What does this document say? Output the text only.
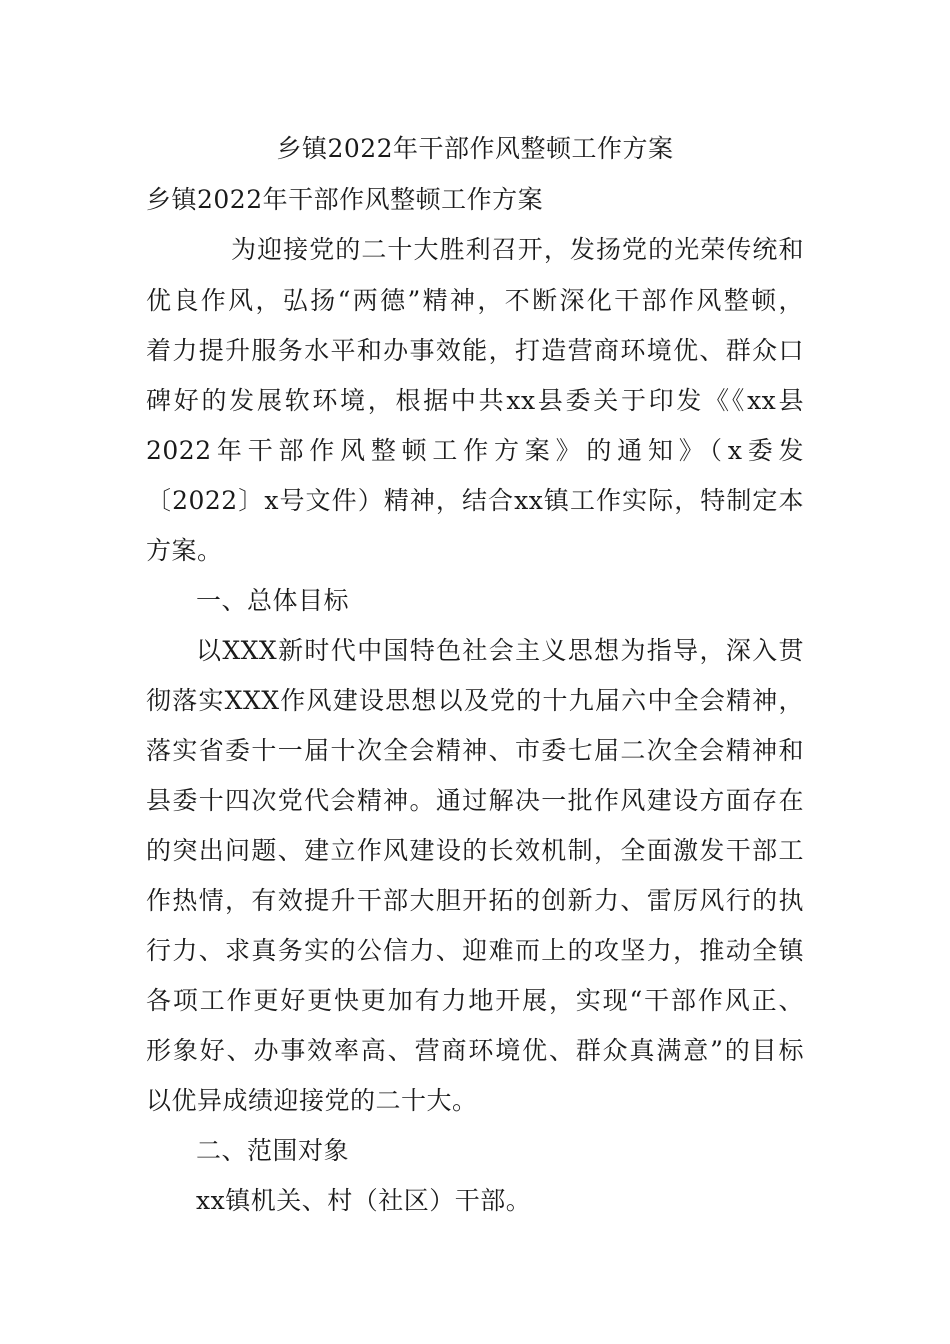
乡镇2022年干部作风整顿工作方案
乡镇2022年干部作风整顿工作方案
为迎接党的二十大胜利召开，发扬党的光荣传统和
优良作风，弘扬“两德”精神，不断深化干部作风整顿，
着力提升服务水平和办事效能，打造营商环境优、群众口
碑好的发展软环境，根据中共xx县委关于印发《《xx县
2022年干部作风整顿工作方案》的通知》（x委发
〔2022〕x号文件）精神，结合xx镇工作实际，特制定本
方案。
一、总体目标
以XXX新时代中国特色社会主义思想为指导，深入贯
彻落实XXX作风建设思想以及党的十九届六中全会精神，
落实省委十一届十次全会精神、市委七届二次全会精神和
县委十四次党代会精神。通过解决一批作风建设方面存在
的突出问题、建立作风建设的长效机制，全面激发干部工
作热情，有效提升干部大胆开拓的创新力、雷厉风行的执
行力、求真务实的公信力、迎难而上的攻坚力，推动全镇
各项工作更好更快更加有力地开展，实现“干部作风正、
形象好、办事效率高、营商环境优、群众真满意”的目标
以优异成绩迎接党的二十大。
二、范围对象
xx镇机关、村（社区）干部。
